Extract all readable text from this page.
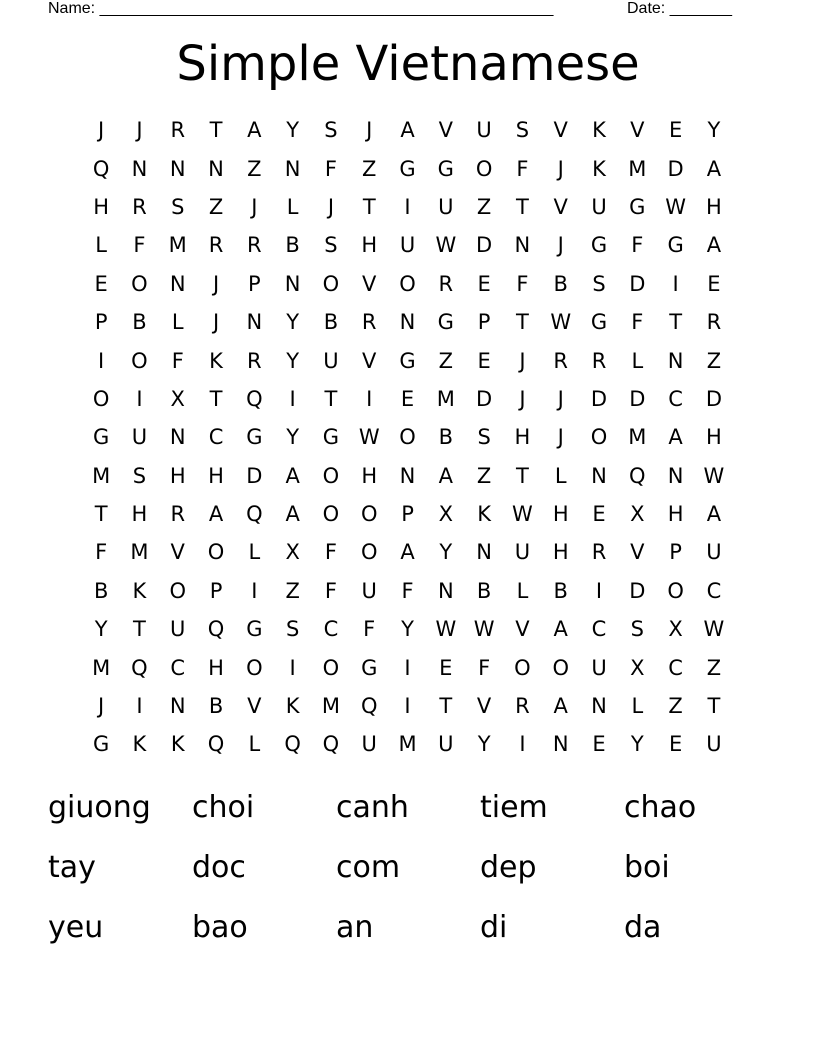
Name: ___________________________________________________	Date: _______
Simple Vietnamese
J	J	R	T	A	Y	S	J	A	V	U	S	V	K	V	E	Y
Q	N	N	N	Z	N	F	Z	G	G	O	F	J	K	M	D	A
H	R	S	Z	J	L	J	T	I	U	Z	T	V	U	G W H
L	F	M	R	R	B	S	H	U W D	N	J	G	F	G	A
E	O	N	J	P	N	O	V	O	R	E	F	B	S	D	I	E
P	B	L	J	N	Y	B	R	N	G	P	T	W G	F	T	R
I	O	F	K	R	Y	U	V	G	Z	E	J	R	R	L	N	Z
O	I	X	T	Q	I	T	I	E	M	D	J	J	D	D	C	D
G	U	N	C	G	Y	G W O	B	S	H	J	O M	A	H
M	S	H	H	D	A	O	H	N	A	Z	T	L	N	Q	N W
T	H	R	A	Q	A	O	O	P	X	K	W H	E	X	H	A
F	M	V	O	L	X	F	O	A	Y	N	U	H	R	V	P	U
B	K	O	P	I	Z	F	U	F	N	B	L	B	I	D	O	C
Y	T	U	Q	G	S	C	F	Y	W W V	A	C	S	X W
M Q	C	H	O	I	O	G	I	E	F	O	O	U	X	C	Z
J	I	N	B	V	K	M Q	I	T	V	R	A	N	L	Z	T
G	K	K	Q	L	Q	Q	U	M	U	Y	I	N	E	Y	E	U
giuong	choi	canh	tiem	chao
tay	doc	com	dep	boi
yeu	bao	an	di	da
